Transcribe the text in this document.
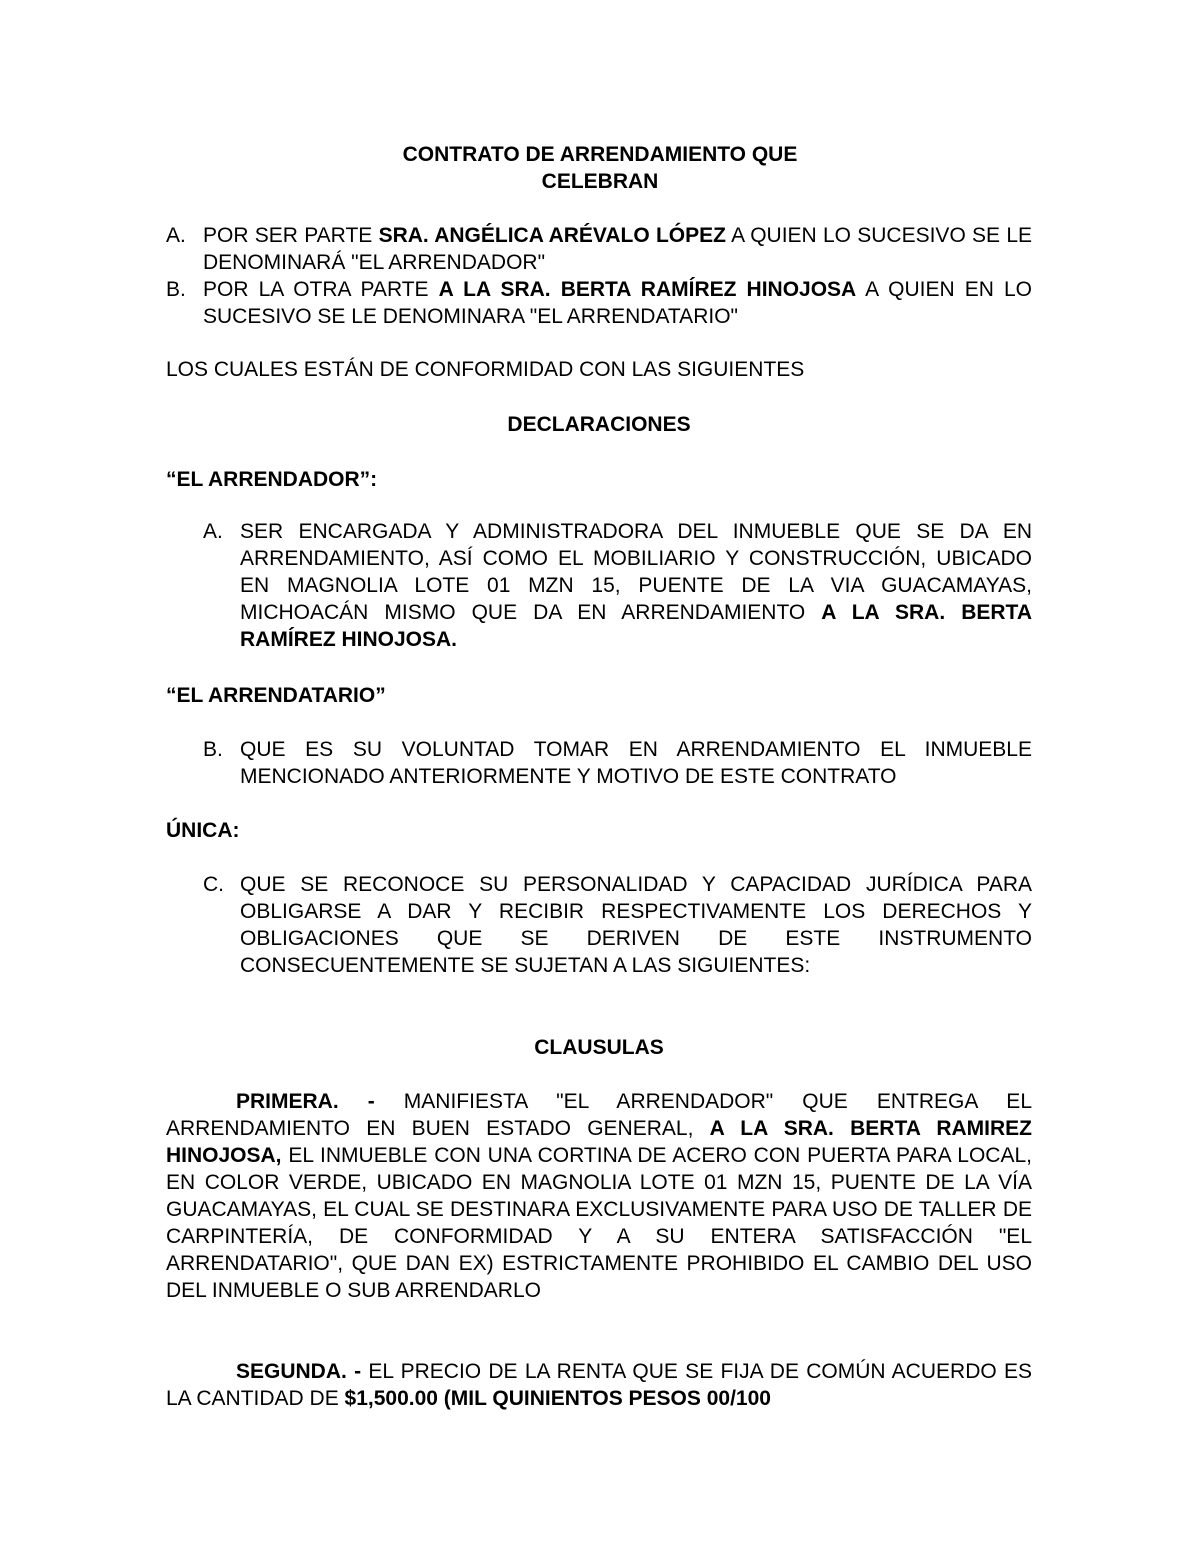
CONTRATO DE ARRENDAMIENTO QUE
CELEBRAN
A. POR SER PARTE SRA. ANGÉLICA ARÉVALO LÓPEZ A QUIEN LO SUCESIVO SE LE DENOMINARÁ "EL ARRENDADOR"
B. POR LA OTRA PARTE A LA SRA. BERTA RAMÍREZ HINOJOSA A QUIEN EN LO SUCESIVO SE LE DENOMINARA "EL ARRENDATARIO"
LOS CUALES ESTÁN DE CONFORMIDAD CON LAS SIGUIENTES
DECLARACIONES
“EL ARRENDADOR”:
A. SER ENCARGADA Y ADMINISTRADORA DEL INMUEBLE QUE SE DA EN ARRENDAMIENTO, ASÍ COMO EL MOBILIARIO Y CONSTRUCCIÓN, UBICADO EN MAGNOLIA LOTE 01 MZN 15, PUENTE DE LA VIA GUACAMAYAS, MICHOACÁN MISMO QUE DA EN ARRENDAMIENTO A LA SRA. BERTA RAMÍREZ HINOJOSA.
“EL ARRENDATARIO”
B. QUE ES SU VOLUNTAD TOMAR EN ARRENDAMIENTO EL INMUEBLE MENCIONADO ANTERIORMENTE Y MOTIVO DE ESTE CONTRATO
ÚNICA:
C. QUE SE RECONOCE SU PERSONALIDAD Y CAPACIDAD JURÍDICA PARA OBLIGARSE A DAR Y RECIBIR RESPECTIVAMENTE LOS DERECHOS Y OBLIGACIONES QUE SE DERIVEN DE ESTE INSTRUMENTO CONSECUENTEMENTE SE SUJETAN A LAS SIGUIENTES:
CLAUSULAS
PRIMERA. - MANIFIESTA "EL ARRENDADOR" QUE ENTREGA EL ARRENDAMIENTO EN BUEN ESTADO GENERAL, A LA SRA. BERTA RAMIREZ HINOJOSA, EL INMUEBLE CON UNA CORTINA DE ACERO CON PUERTA PARA LOCAL, EN COLOR VERDE, UBICADO EN MAGNOLIA LOTE 01 MZN 15, PUENTE DE LA VÍA GUACAMAYAS, EL CUAL SE DESTINARA EXCLUSIVAMENTE PARA USO DE TALLER DE CARPINTERÍA, DE CONFORMIDAD Y A SU ENTERA SATISFACCIÓN "EL ARRENDATARIO", QUE DAN EX) ESTRICTAMENTE PROHIBIDO EL CAMBIO DEL USO DEL INMUEBLE O SUB ARRENDARLO
SEGUNDA. - EL PRECIO DE LA RENTA QUE SE FIJA DE COMÚN ACUERDO ES LA CANTIDAD DE $1,500.00 (MIL QUINIENTOS PESOS 00/100
